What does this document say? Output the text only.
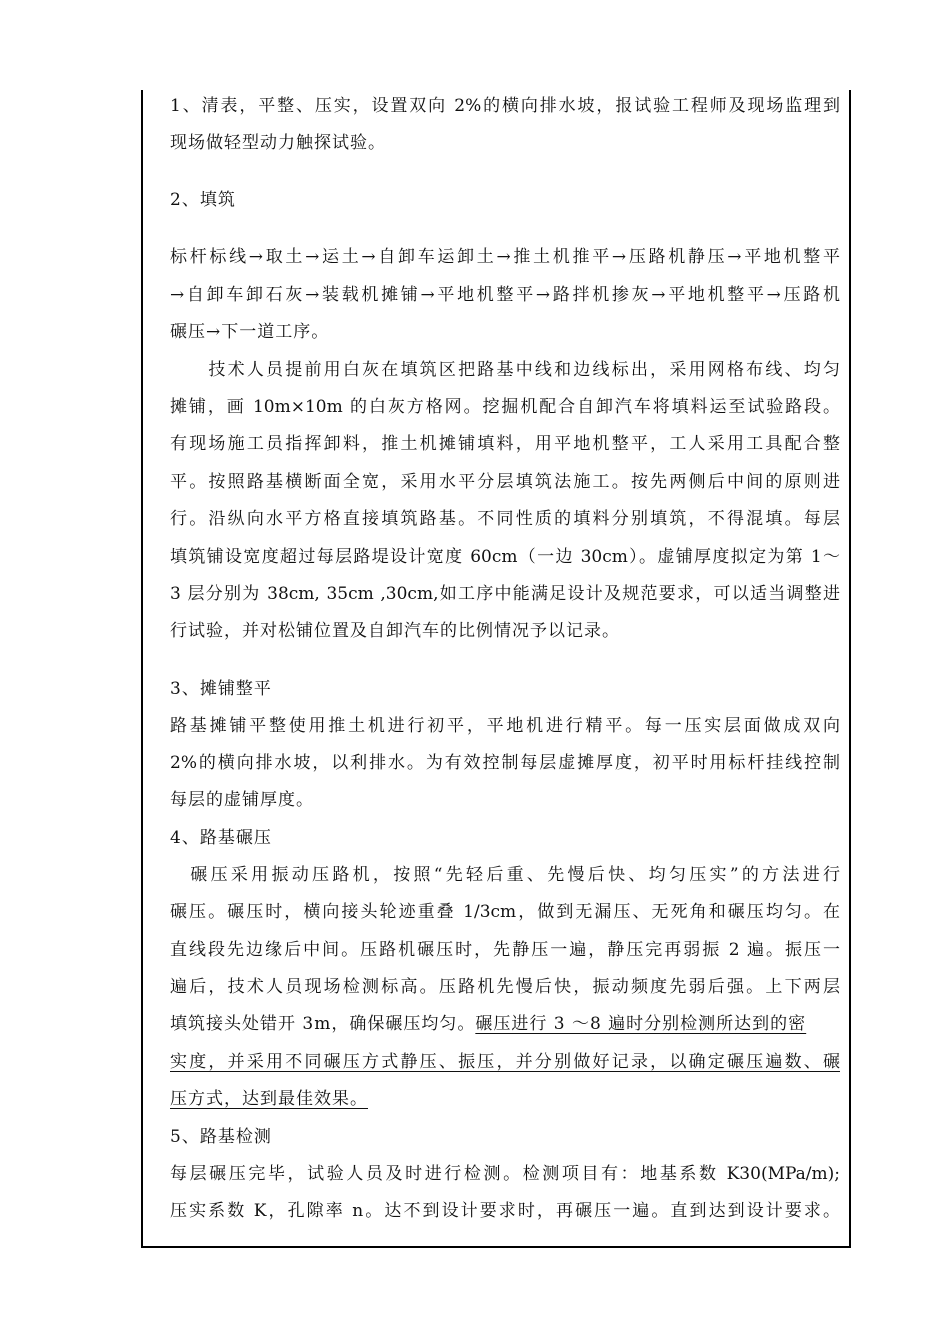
1、清表，平整、压实，设置双向 2%的横向排水坡，报试验工程师及现场监理到
现场做轻型动力触探试验。
2、填筑
标杆标线→取土→运土→自卸车运卸土→推土机推平→压路机静压→平地机整平
→自卸车卸石灰→装载机摊铺→平地机整平→路拌机掺灰→平地机整平→压路机
碾压→下一道工序。
　　技术人员提前用白灰在填筑区把路基中线和边线标出，采用网格布线、均匀
摊铺，画 10m×10m 的白灰方格网。挖掘机配合自卸汽车将填料运至试验路段。
有现场施工员指挥卸料，推土机摊铺填料，用平地机整平，工人采用工具配合整
平。按照路基横断面全宽，采用水平分层填筑法施工。按先两侧后中间的原则进
行。沿纵向水平方格直接填筑路基。不同性质的填料分别填筑，不得混填。每层
填筑铺设宽度超过每层路堤设计宽度 60cm（一边 30cm）。虚铺厚度拟定为第 1～
3 层分别为 38cm, 35cm ,30cm,如工序中能满足设计及规范要求，可以适当调整进
行试验，并对松铺位置及自卸汽车的比例情况予以记录。
3、摊铺整平
路基摊铺平整使用推土机进行初平，平地机进行精平。每一压实层面做成双向
2%的横向排水坡，以利排水。为有效控制每层虚摊厚度，初平时用标杆挂线控制
每层的虚铺厚度。
4、路基碾压
　碾压采用振动压路机，按照“先轻后重、先慢后快、均匀压实”的方法进行
碾压。碾压时，横向接头轮迹重叠 1/3cm，做到无漏压、无死角和碾压均匀。在
直线段先边缘后中间。压路机碾压时，先静压一遍，静压完再弱振 2 遍。振压一
遍后，技术人员现场检测标高。压路机先慢后快，振动频度先弱后强。上下两层
填筑接头处错开 3m，确保碾压均匀。碾压进行 3 ～8 遍时分别检测所达到的密
实度，并采用不同碾压方式静压、振压，并分别做好记录，以确定碾压遍数、碾
压方式，达到最佳效果。
5、路基检测
每层碾压完毕，试验人员及时进行检测。检测项目有：地基系数 K30(MPa/m);
压实系数 K，孔隙率 n。达不到设计要求时，再碾压一遍。直到达到设计要求。
